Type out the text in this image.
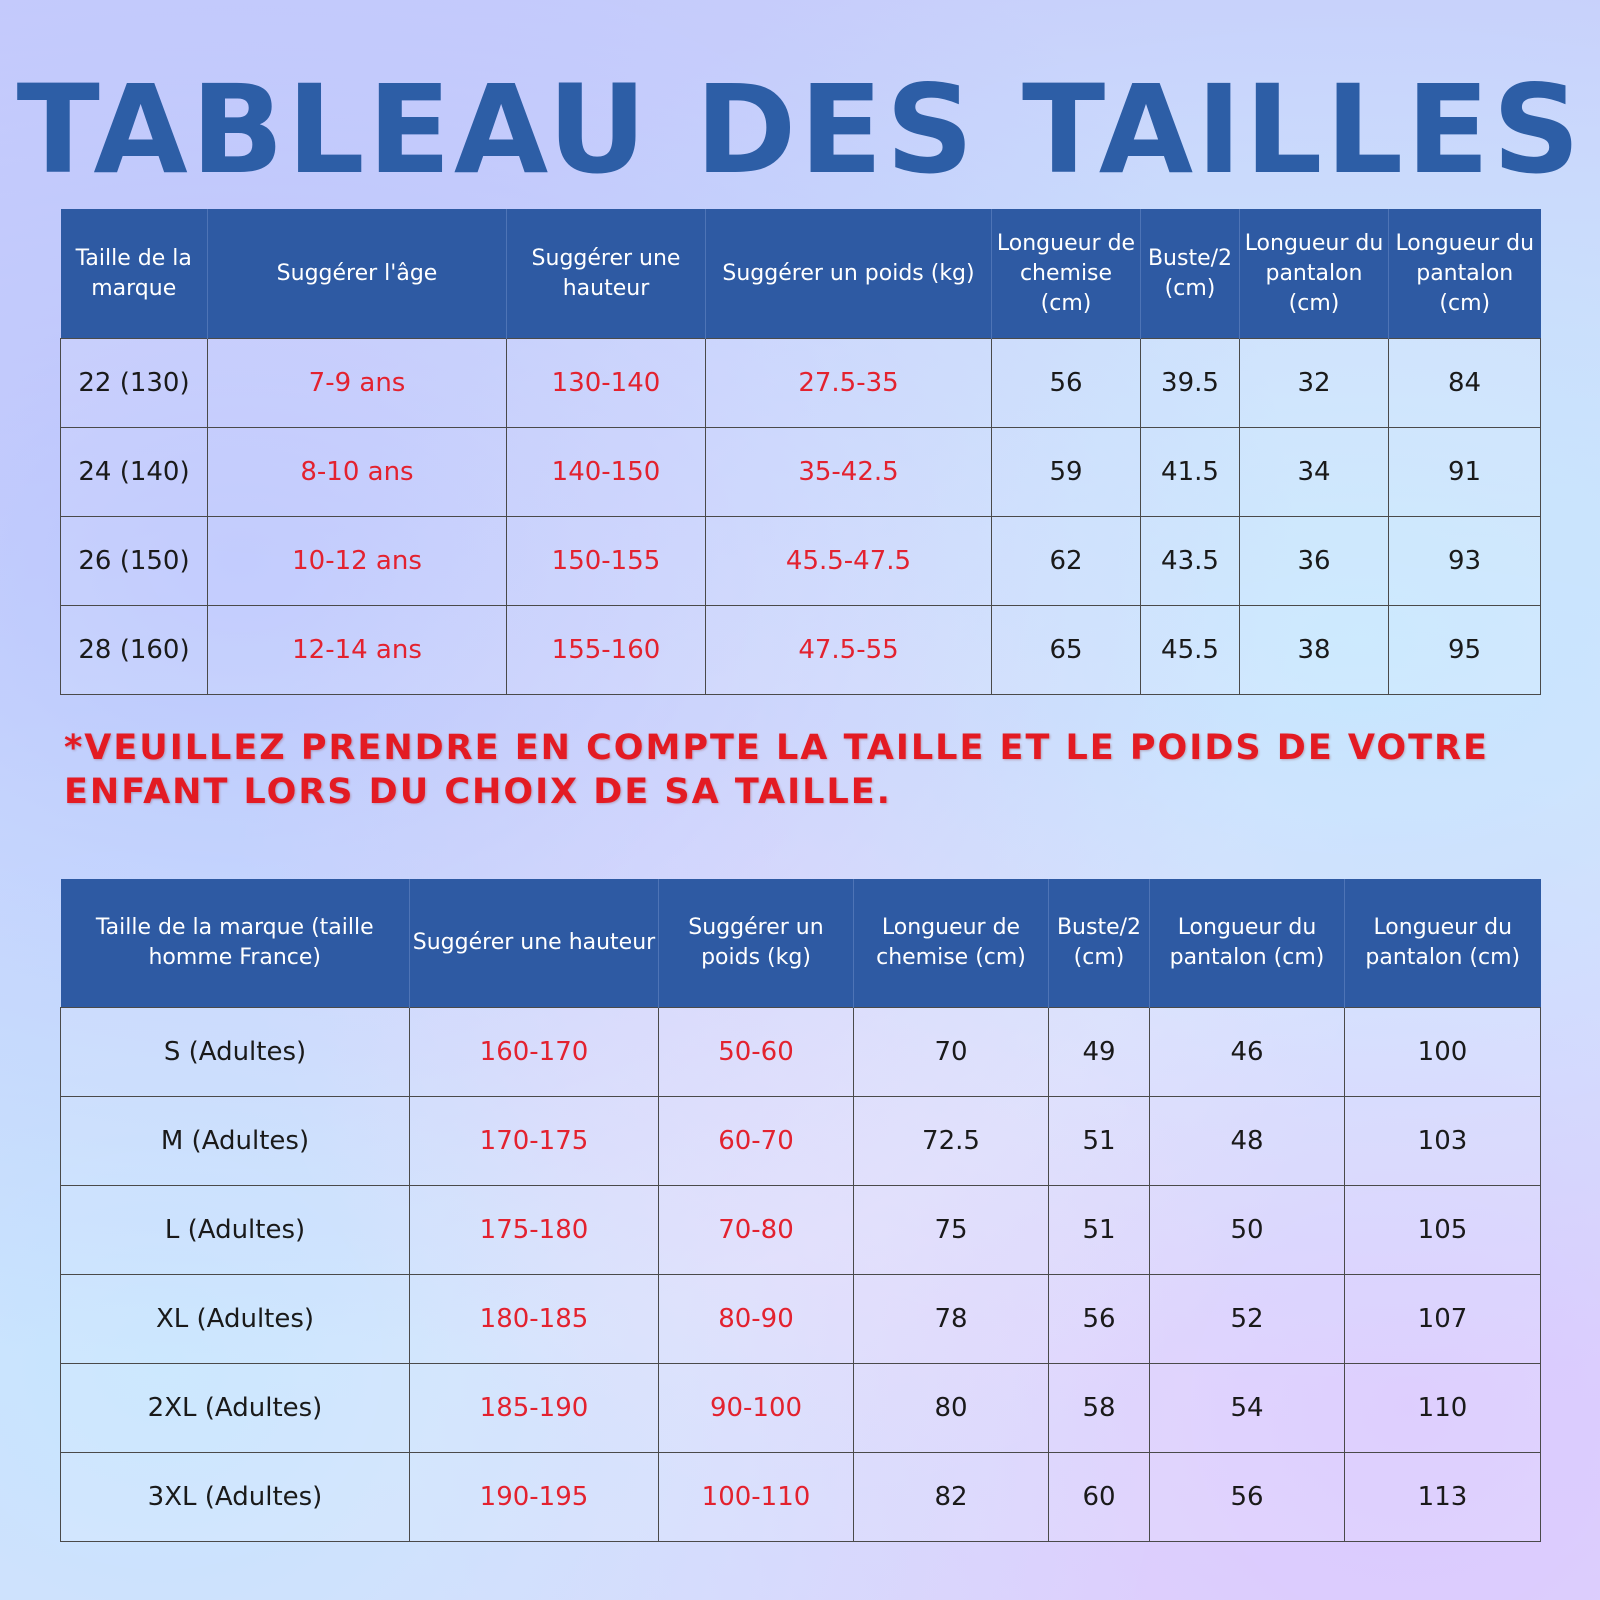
TABLEAU DES TAILLES
Taille de la marque	Suggérer l'âge	Suggérer une hauteur	Suggérer un poids (kg)	Longueur de chemise (cm)	Buste/2 (cm)	Longueur du pantalon (cm)	Longueur du pantalon (cm)
22 (130)	7-9 ans	130-140	27.5-35	56	39.5	32	84
24 (140)	8-10 ans	140-150	35-42.5	59	41.5	34	91
26 (150)	10-12 ans	150-155	45.5-47.5	62	43.5	36	93
28 (160)	12-14 ans	155-160	47.5-55	65	45.5	38	95
*VEUILLEZ PRENDRE EN COMPTE LA TAILLE ET LE POIDS DE VOTRE ENFANT LORS DU CHOIX DE SA TAILLE.
Taille de la marque (taille homme France)	Suggérer une hauteur	Suggérer un poids (kg)	Longueur de chemise (cm)	Buste/2 (cm)	Longueur du pantalon (cm)	Longueur du pantalon (cm)
S (Adultes)	160-170	50-60	70	49	46	100
M (Adultes)	170-175	60-70	72.5	51	48	103
L (Adultes)	175-180	70-80	75	51	50	105
XL (Adultes)	180-185	80-90	78	56	52	107
2XL (Adultes)	185-190	90-100	80	58	54	110
3XL (Adultes)	190-195	100-110	82	60	56	113
